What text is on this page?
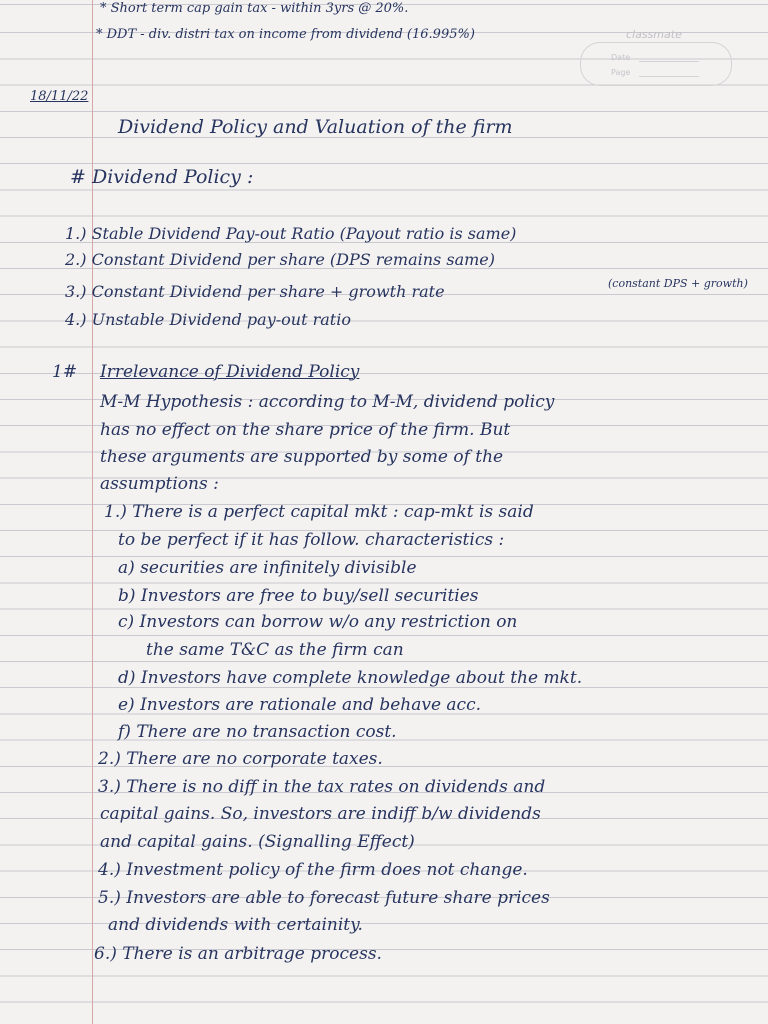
Date
Page
classmate
* Short term cap gain tax - within 3yrs @ 20%.
* DDT - div. distri tax on income from dividend (16.995%)
18/11/22
Dividend Policy and Valuation of the firm
# Dividend Policy :
1.) Stable Dividend Pay-out Ratio (Payout ratio is same)
2.) Constant Dividend per share (DPS remains same)
3.) Constant Dividend per share + growth rate	(constant DPS + growth)
4.) Unstable Dividend pay-out ratio
1# Irrelevance of Dividend Policy
M-M Hypothesis : according to M-M, dividend policy
has no effect on the share price of the firm. But
these arguments are supported by some of the
assumptions :
1.) There is a perfect capital mkt : cap-mkt is said
to be perfect if it has follow. characteristics :
a) securities are infinitely divisible
b) Investors are free to buy/sell securities
c) Investors can borrow w/o any restriction on
the same T&C as the firm can
d) Investors have complete knowledge about the mkt.
e) Investors are rationale and behave acc.
f) There are no transaction cost.
2.) There are no corporate taxes.
3.) There is no diff in the tax rates on dividends and
capital gains. So, investors are indiff b/w dividends
and capital gains. (Signalling Effect)
4.) Investment policy of the firm does not change.
5.) Investors are able to forecast future share prices
and dividends with certainity.
6.) There is an arbitrage process.
